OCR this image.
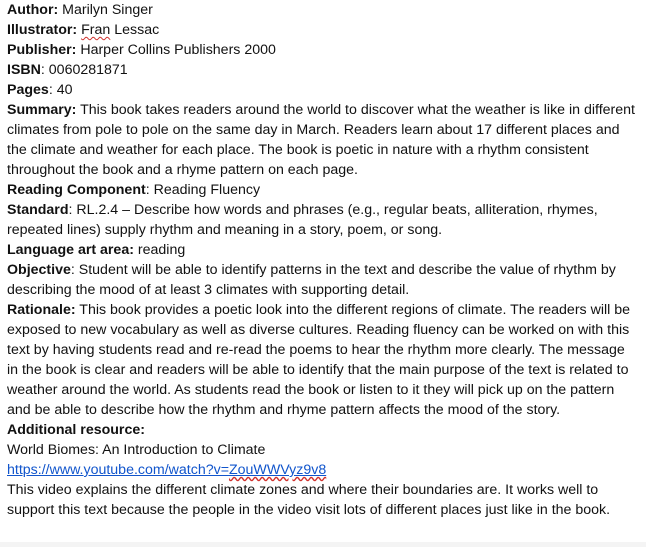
Author: Marilyn Singer

Illustrator: Fran Lessac

Publisher: Harper Collins Publishers 2000

ISBN: 0060281871

Pages: 40

Summary: This book takes readers around the world to discover what the weather is like in different climates from pole to pole on the same day in March. Readers learn about 17 different places and the climate and weather for each place. The book is poetic in nature with a rhythm consistent throughout the book and a rhyme pattern on each page.

Reading Component: Reading Fluency

Standard: RL.2.4 – Describe how words and phrases (e.g., regular beats, alliteration, rhymes, repeated lines) supply rhythm and meaning in a story, poem, or song.

Language art area: reading

Objective: Student will be able to identify patterns in the text and describe the value of rhythm by describing the mood of at least 3 climates with supporting detail.

Rationale: This book provides a poetic look into the different regions of climate. The readers will be exposed to new vocabulary as well as diverse cultures. Reading fluency can be worked on with this text by having students read and re-read the poems to hear the rhythm more clearly. The message in the book is clear and readers will be able to identify that the main purpose of the text is related to weather around the world. As students read the book or listen to it they will pick up on the pattern and be able to describe how the rhythm and rhyme pattern affects the mood of the story.

Additional resource:

World Biomes: An Introduction to Climate

https://www.youtube.com/watch?v=ZouWWVyz9v8

This video explains the different climate zones and where their boundaries are. It works well to support this text because the people in the video visit lots of different places just like in the book.
